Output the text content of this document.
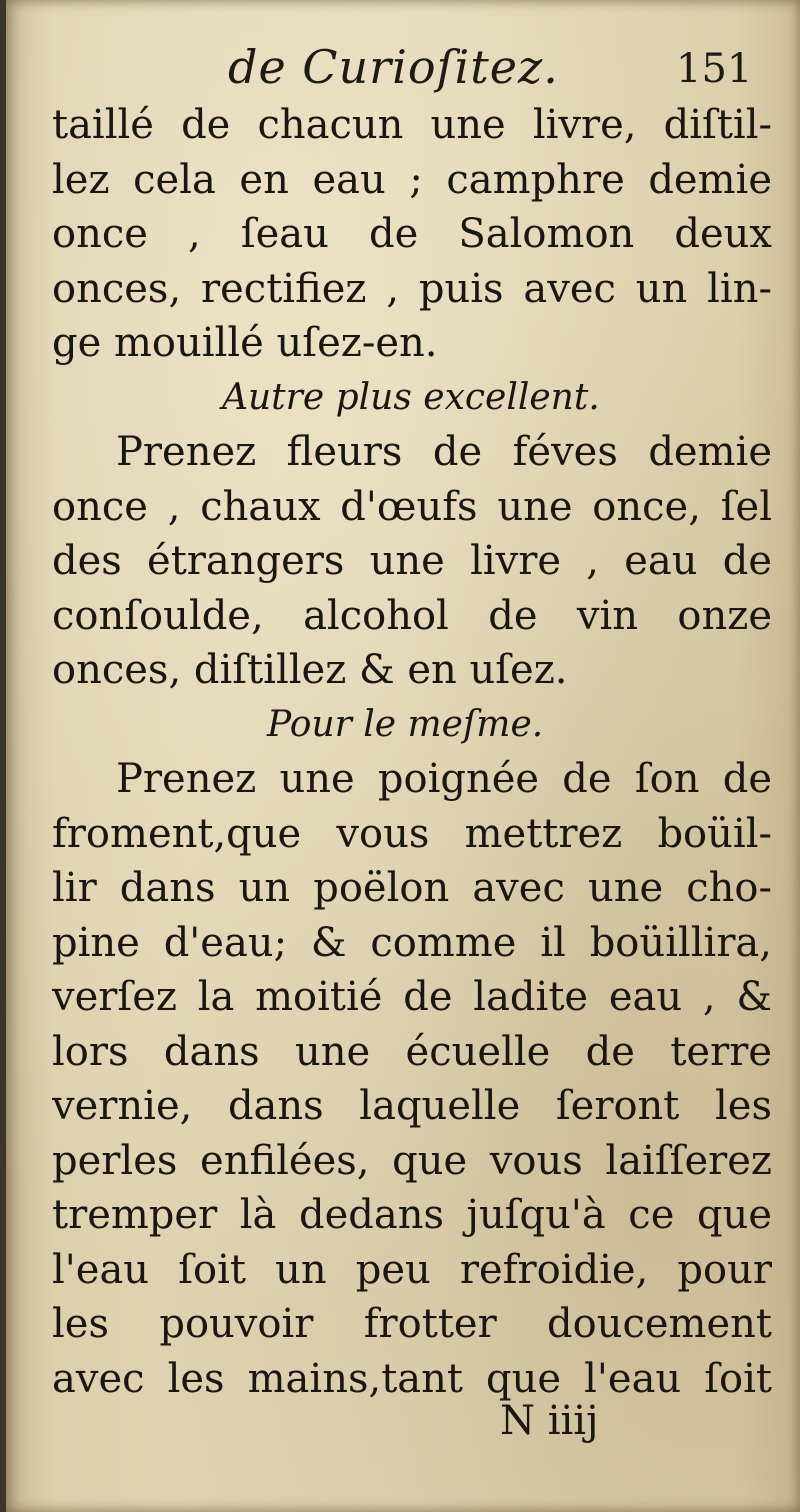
de Curioſitez.	151
taillé de chacun une livre, diſtil-
lez cela en eau ; camphre demie
once , ſeau de Salomon deux
onces, rectifiez , puis avec un lin-
ge mouillé uſez-en.
Autre plus excellent.
Prenez fleurs de féves demie
once , chaux d'œufs une once, ſel
des étrangers une livre , eau de
conſoulde, alcohol de vin onze
onces, diſtillez & en uſez.
Pour le meſme.
Prenez une poignée de ſon de
froment,que vous mettrez boüil-
lir dans un poëlon avec une cho-
pine d'eau; & comme il boüillira,
verſez la moitié de ladite eau , &
lors dans une écuelle de terre
vernie, dans laquelle ſeront les
perles enfilées, que vous laiſſerez
tremper là dedans juſqu'à ce que
l'eau ſoit un peu refroidie, pour
les pouvoir frotter doucement
avec les mains,tant que l'eau ſoit
N iiij
